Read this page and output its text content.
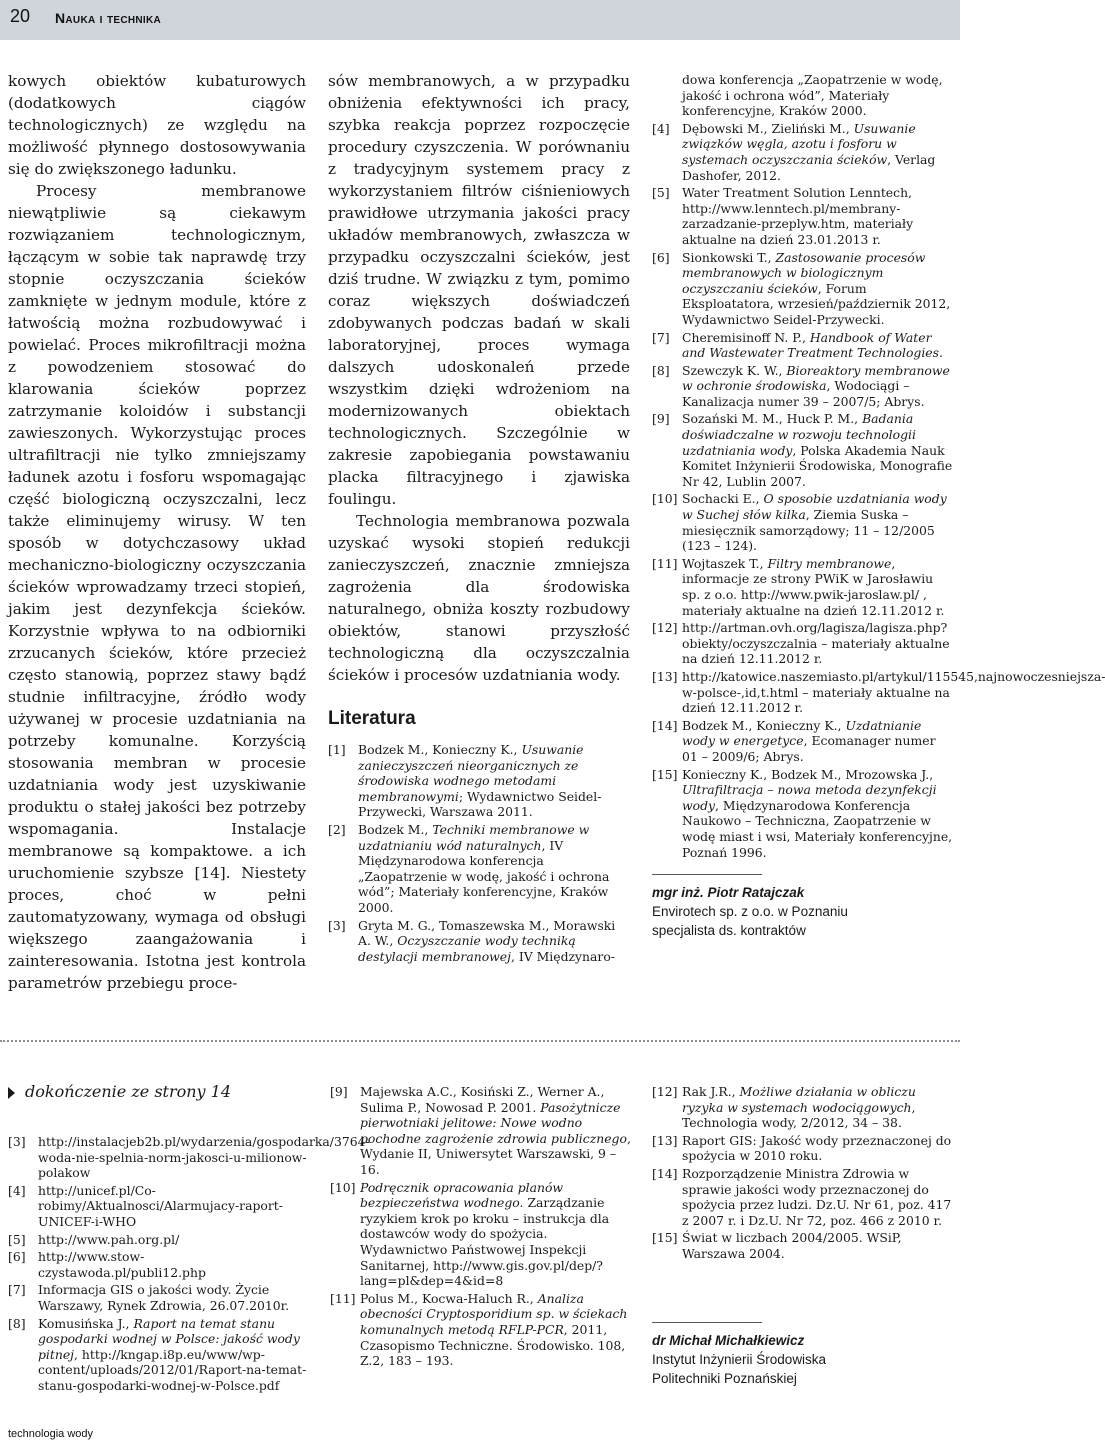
20 Nauka i technika

kowych obiektów kubaturowych (dodatkowych ciągów technologicznych) ze względu na możliwość płynnego dostosowywania się do zwiększonego ładunku.

Procesy membranowe niewątpliwie są ciekawym rozwiązaniem technologicznym, łączącym w sobie tak naprawdę trzy stopnie oczyszczania ścieków zamknięte w jednym module, które z łatwością można rozbudowywać i powielać. Proces mikrofiltracji można z powodzeniem stosować do klarowania ścieków poprzez zatrzymanie koloidów i substancji zawieszonych. Wykorzystując proces ultrafiltracji nie tylko zmniejszamy ładunek azotu i fosforu wspomagając część biologiczną oczyszczalni, lecz także eliminujemy wirusy. W ten sposób w dotychczasowy układ mechaniczno-biologiczny oczyszczania ścieków wprowadzamy trzeci stopień, jakim jest dezynfekcja ścieków. Korzystnie wpływa to na odbiorniki zrzucanych ścieków, które przecież często stanowią, poprzez stawy bądź studnie infiltracyjne, źródło wody używanej w procesie uzdatniania na potrzeby komunalne. Korzyścią stosowania membran w procesie uzdatniania wody jest uzyskiwanie produktu o stałej jakości bez potrzeby wspomagania. Instalacje membranowe są kompaktowe. a ich uruchomienie szybsze [14]. Niestety proces, choć w pełni zautomatyzowany, wymaga od obsługi większego zaangażowania i zainteresowania. Istotna jest kontrola parametrów przebiegu proce-

sów membranowych, a w przypadku obniżenia efektywności ich pracy, szybka reakcja poprzez rozpoczęcie procedury czyszczenia. W porównaniu z tradycyjnym systemem pracy z wykorzystaniem filtrów ciśnieniowych prawidłowe utrzymania jakości pracy układów membranowych, zwłaszcza w przypadku oczyszczalni ścieków, jest dziś trudne. W związku z tym, pomimo coraz większych doświadczeń zdobywanych podczas badań w skali laboratoryjnej, proces wymaga dalszych udoskonaleń przede wszystkim dzięki wdrożeniom na modernizowanych obiektach technologicznych. Szczególnie w zakresie zapobiegania powstawaniu placka filtracyjnego i zjawiska foulingu.

Technologia membranowa pozwala uzyskać wysoki stopień redukcji zanieczyszczeń, znacznie zmniejsza zagrożenia dla środowiska naturalnego, obniża koszty rozbudowy obiektów, stanowi przyszłość technologiczną dla oczyszczalnia ścieków i procesów uzdatniania wody.

Literatura
[1] Bodzek M., Konieczny K., Usuwanie zanieczyszczeń nieorganicznych ze środowiska wodnego metodami membranowymi; Wydawnictwo Seidel-Przywecki, Warszawa 2011.
[2] Bodzek M., Techniki membranowe w uzdatnianiu wód naturalnych, IV Międzynarodowa konferencja „Zaopatrzenie w wodę, jakość i ochrona wód”; Materiały konferencyjne, Kraków 2000.
[3] Gryta M. G., Tomaszewska M., Morawski A. W., Oczyszczanie wody techniką destylacji membranowej, IV Międzynaro-
dowa konferencja „Zaopatrzenie w wodę, jakość i ochrona wód”, Materiały konferencyjne, Kraków 2000.
[4] Dębowski M., Zieliński M., Usuwanie związków węgla, azotu i fosforu w systemach oczyszczania ścieków, Verlag Dashofer, 2012.
[5] Water Treatment Solution Lenntech, http://www.lenntech.pl/membrany-zarzadzanie-przeplyw.htm, materiały aktualne na dzień 23.01.2013 r.
[6] Sionkowski T., Zastosowanie procesów membranowych w biologicznym oczyszczaniu ścieków, Forum Eksploatatora, wrzesień/październik 2012, Wydawnictwo Seidel-Przywecki.
[7] Cheremisinoff N. P., Handbook of Water and Wastewater Treatment Technologies.
[8] Szewczyk K. W., Bioreaktory membranowe w ochronie środowiska, Wodociągi – Kanalizacja numer 39 – 2007/5; Abrys.
[9] Sozański M. M., Huck P. M., Badania doświadczalne w rozwoju technologii uzdatniania wody, Polska Akademia Nauk Komitet Inżynierii Środowiska, Monografie Nr 42, Lublin 2007.
[10] Sochacki E., O sposobie uzdatniania wody w Suchej słów kilka, Ziemia Suska – miesięcznik samorządowy; 11 – 12/2005 (123 – 124).
[11] Wojtaszek T., Filtry membranowe, informacje ze strony PWiK w Jarosławiu sp. z o.o. http://www.pwik-jaroslaw.pl/ , materiały aktualne na dzień 12.11.2012 r.
[12] http://artman.ovh.org/lagisza/lagisza.php?obiekty/oczyszczalnia – materiały aktualne na dzień 12.11.2012 r.
[13] http://katowice.naszemiasto.pl/artykul/115545,najnowoczesniejsza-w-polsce-,id,t.html – materiały aktualne na dzień 12.11.2012 r.
[14] Bodzek M., Konieczny K., Uzdatnianie wody w energetyce, Ecomanager numer 01 – 2009/6; Abrys.
[15] Konieczny K., Bodzek M., Mrozowska J., Ultrafiltracja – nowa metoda dezynfekcji wody, Międzynarodowa Konferencja Naukowo – Techniczna, Zaopatrzenie w wodę miast i wsi, Materiały konferencyjne, Poznań 1996.
mgr inż. Piotr Ratajczak
Envirotech sp. z o.o. w Poznaniu
specjalista ds. kontraktów
dokończenie ze strony 14
[3] http://instalacjeb2b.pl/wydarzenia/gospodarka/3764-woda-nie-spelnia-norm-jakosci-u-milionow-polakow
[4] http://unicef.pl/Co-robimy/Aktualnosci/Alarmujacy-raport-UNICEF-i-WHO
[5] http://www.pah.org.pl/
[6] http://www.stow-czystawoda.pl/publi12.php
[7] Informacja GIS o jakości wody. Życie Warszawy, Rynek Zdrowia, 26.07.2010r.
[8] Komusińska J., Raport na temat stanu gospodarki wodnej w Polsce: jakość wody pitnej, http://kngap.i8p.eu/www/wp-content/uploads/2012/01/Raport-na-temat-stanu-gospodarki-wodnej-w-Polsce.pdf
[9] Majewska A.C., Kosiński Z., Werner A., Sulima P., Nowosad P. 2001. Pasożytnicze pierwotniaki jelitowe: Nowe wodno pochodne zagrożenie zdrowia publicznego, Wydanie II, Uniwersytet Warszawski, 9 – 16.
[10] Podręcznik opracowania planów bezpieczeństwa wodnego. Zarządzanie ryzykiem krok po kroku – instrukcja dla dostawców wody do spożycia. Wydawnictwo Państwowej Inspekcji Sanitarnej, http://www.gis.gov.pl/dep/?lang=pl&dep=4&id=8
[11] Polus M., Kocwa-Haluch R., Analiza obecności Cryptosporidium sp. w ściekach komunalnych metodą RFLP-PCR, 2011, Czasopismo Techniczne. Środowisko. 108, Z.2, 183 – 193.
[12] Rak J.R., Możliwe działania w obliczu ryzyka w systemach wodociągowych, Technologia wody, 2/2012, 34 – 38.
[13] Raport GIS: Jakość wody przeznaczonej do spożycia w 2010 roku.
[14] Rozporządzenie Ministra Zdrowia w sprawie jakości wody przeznaczonej do spożycia przez ludzi. Dz.U. Nr 61, poz. 417 z 2007 r. i Dz.U. Nr 72, poz. 466 z 2010 r.
[15] Świat w liczbach 2004/2005. WSiP, Warszawa 2004.
dr Michał Michałkiewicz
Instytut Inżynierii Środowiska
Politechniki Poznańskiej
technologia wody
